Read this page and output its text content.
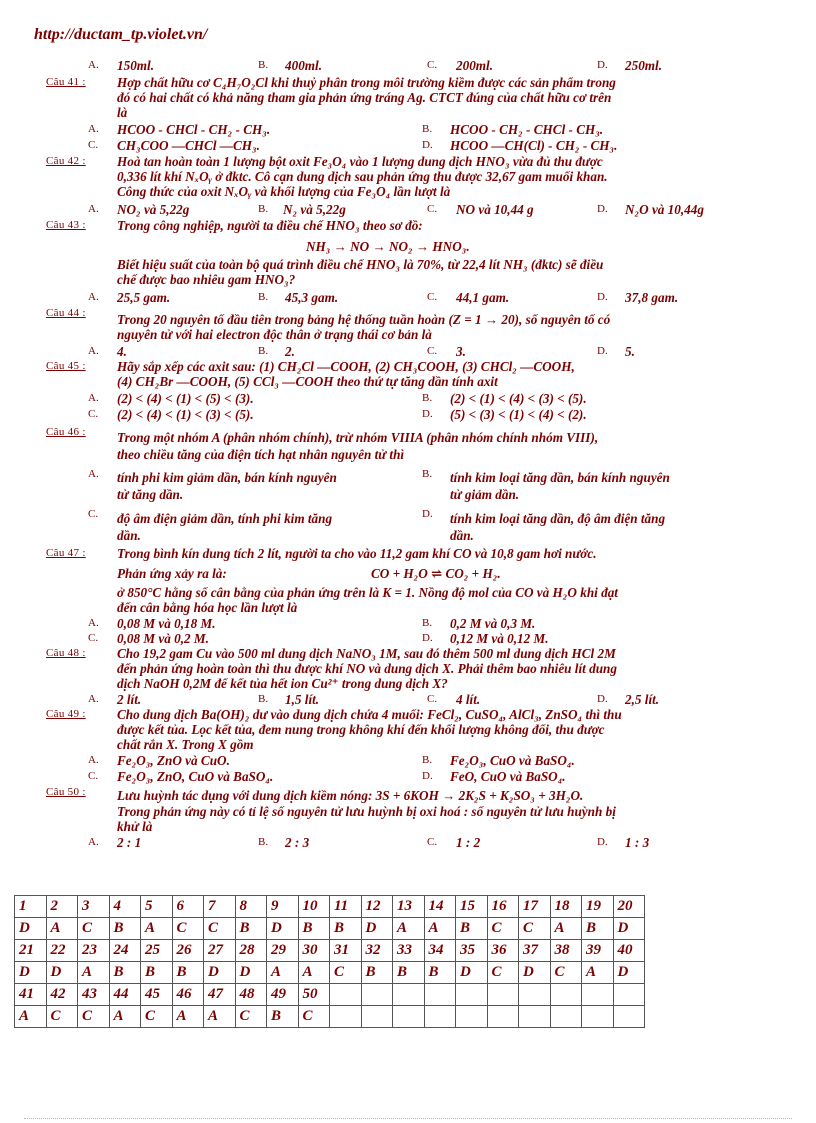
http://ductam_tp.violet.vn/
A. 150ml.	B. 400ml.	C. 200ml.	D. 250ml.
Câu 41 : Hợp chất hữu cơ C₄H₇O₂Cl khi thuỷ phân trong môi trường kiềm được các sản phẩm trong
đó có hai chất có khả năng tham gia phản ứng tráng Ag. CTCT đúng của chất hữu cơ trên
là
A. HCOO - CHCl - CH₂ - CH₃.	B. HCOO - CH₂ - CHCl - CH₃.
C. CH₃COO —CHCl —CH₃.	D. HCOO —CH(Cl) - CH₂ - CH₃.
Câu 42 : Hoà tan hoàn toàn 1 lượng bột oxit Fe₃O₄ vào 1 lượng dung dịch HNO₃ vừa đủ thu được
0,336 lít khí NₓOᵧ ở đktc. Cô cạn dung dịch sau phản ứng thu được 32,67 gam muối khan.
Công thức của oxit NₓOᵧ và khối lượng của Fe₃O₄ lần lượt là
A. NO₂ và 5,22g	B. N₂ và 5,22g	C. NO và 10,44 g	D. N₂O và 10,44g
Câu 43 : Trong công nghiệp, người ta điều chế HNO₃ theo sơ đồ:
NH₃ → NO → NO₂ → HNO₃.
Biết hiệu suất của toàn bộ quá trình điều chế HNO₃ là 70%, từ 22,4 lít NH₃ (đktc) sẽ điều
chế được bao nhiêu gam HNO₃?
A. 25,5 gam.	B. 45,3 gam.	C. 44,1 gam.	D. 37,8 gam.
Câu 44 : Trong 20 nguyên tố đầu tiên trong bảng hệ thống tuần hoàn (Z = 1 → 20), số nguyên tố có
nguyên tử với hai electron độc thân ở trạng thái cơ bản là
A. 4.	B. 2.	C. 3.	D. 5.
Câu 45 : Hãy sắp xếp các axit sau: (1) CH₂Cl —COOH, (2) CH₃COOH, (3) CHCl₂ —COOH,
(4) CH₂Br —COOH, (5) CCl₃ —COOH theo thứ tự tăng dần tính axit
A. (2) < (4) < (1) < (5) < (3).	B. (2) < (1) < (4) < (3) < (5).
C. (2) < (4) < (1) < (3) < (5).	D. (5) < (3) < (1) < (4) < (2).
Câu 46 : Trong một nhóm A (phân nhóm chính), trừ nhóm VIIIA (phân nhóm chính nhóm VIII),
theo chiều tăng của điện tích hạt nhân nguyên tử thì
A. tính phi kim giảm dần, bán kính nguyên	B. tính kim loại tăng dần, bán kính nguyên
tử tăng dần.	tử giảm dần.
C. độ âm điện giảm dần, tính phi kim tăng	D. tính kim loại tăng dần, độ âm điện tăng
dần.	dần.
Câu 47 : Trong bình kín dung tích 2 lít, người ta cho vào 11,2 gam khí CO và 10,8 gam hơi nước.
Phản ứng xảy ra là:	CO + H₂O ⇌ CO₂ + H₂.
ở 850°C hằng số cân bằng của phản ứng trên là K = 1. Nồng độ mol của CO và H₂O khi đạt
đến cân bằng hóa học lần lượt là
A. 0,08 M và 0,18 M.	B. 0,2 M và 0,3 M.
C. 0,08 M và 0,2 M.	D. 0,12 M và 0,12 M.
Câu 48 : Cho 19,2 gam Cu vào 500 ml dung dịch NaNO₃ 1M, sau đó thêm 500 ml dung dịch HCl 2M
đến phản ứng hoàn toàn thì thu được khí NO và dung dịch X. Phải thêm bao nhiêu lít dung
dịch NaOH 0,2M để kết tủa hết ion Cu²⁺ trong dung dịch X?
A. 2 lít.	B. 1,5 lít.	C. 4 lít.	D. 2,5 lít.
Câu 49 : Cho dung dịch Ba(OH)₂ dư vào dung dịch chứa 4 muối: FeCl₂, CuSO₄, AlCl₃, ZnSO₄ thì thu
được kết tủa. Lọc kết tủa, đem nung trong không khí đến khối lượng không đổi, thu được
chất rắn X. Trong X gồm
A. Fe₂O₃, ZnO và CuO.	B. Fe₂O₃, CuO và BaSO₄.
C. Fe₂O₃, ZnO, CuO và BaSO₄.	D. FeO, CuO và BaSO₄.
Câu 50 : Lưu huỳnh tác dụng với dung dịch kiềm nóng: 3S + 6KOH → 2K₂S + K₂SO₃ + 3H₂O.
Trong phản ứng này có tỉ lệ số nguyên tử lưu huỳnh bị oxi hoá : số nguyên tử lưu huỳnh bị
khử là
A. 2 : 1	B. 2 : 3	C. 1 : 2	D. 1 : 3
1	2	3	4	5	6	7	8	9	10	11	12	13	14	15	16	17	18	19	20
D	A	C	B	A	C	C	B	D	B	B	D	A	A	B	C	C	A	B	D
21	22	23	24	25	26	27	28	29	30	31	32	33	34	35	36	37	38	39	40
D	D	A	B	B	B	D	D	A	A	C	B	B	B	D	C	D	C	A	D
41	42	43	44	45	46	47	48	49	50										
A	C	C	A	C	A	A	C	B	C										
